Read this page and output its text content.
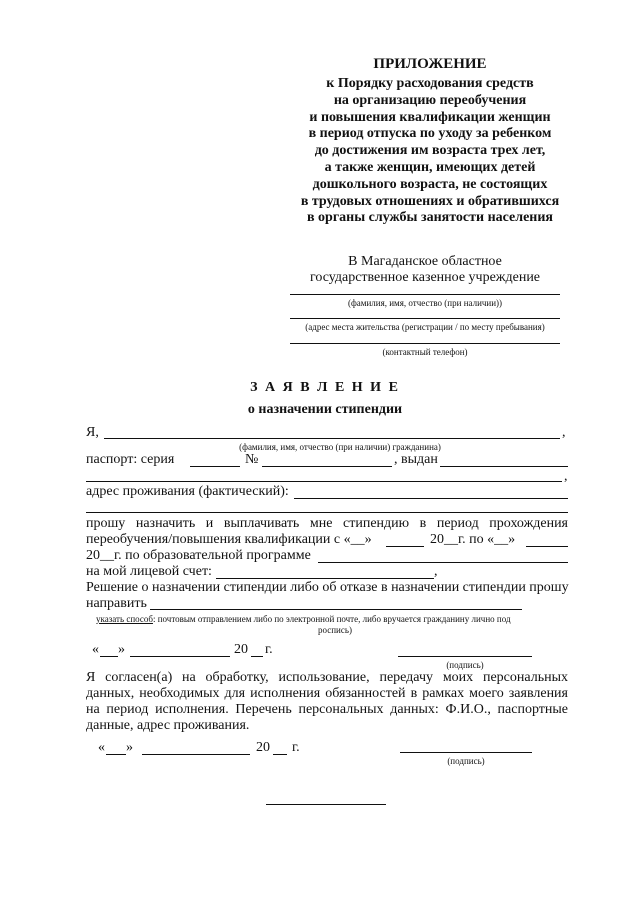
ПРИЛОЖЕНИЕ
к Порядку расходования средств
на организацию переобучения
и повышения квалификации женщин
в период отпуска по уходу за ребенком
до достижения им возраста трех лет,
а также женщин, имеющих детей
дошкольного возраста, не состоящих
в трудовых отношениях и обратившихся
в органы службы занятости населения
В Магаданское областное
государственное казенное учреждение
(фамилия, имя, отчество (при наличии))
(адрес места жительства (регистрации / по месту пребывания)
(контактный телефон)
З А Я В Л Е Н И Е
о назначении стипендии
Я,	,
(фамилия, имя, отчество (при наличии) гражданина)
паспорт: серия	№	, выдан
,
адрес проживания (фактический):
прошу назначить и выплачивать мне стипендию в период прохождения
переобучения/повышения квалификации с «__»	20__г. по «__»
20__г. по образовательной программе
на мой лицевой счет:	,
Решение о назначении стипендии либо об отказе в назначении стипендии прошу
направить
указать способ: почтовым отправлением либо по электронной почте, либо вручается гражданину лично под
роспись)
« »	20 г.
(подпись)
Я согласен(а) на обработку, использование, передачу моих персональных
данных, необходимых для исполнения обязанностей в рамках моего заявления
на период исполнения. Перечень персональных данных: Ф.И.О., паспортные
данные, адрес проживания.
« »	20 г.
(подпись)
